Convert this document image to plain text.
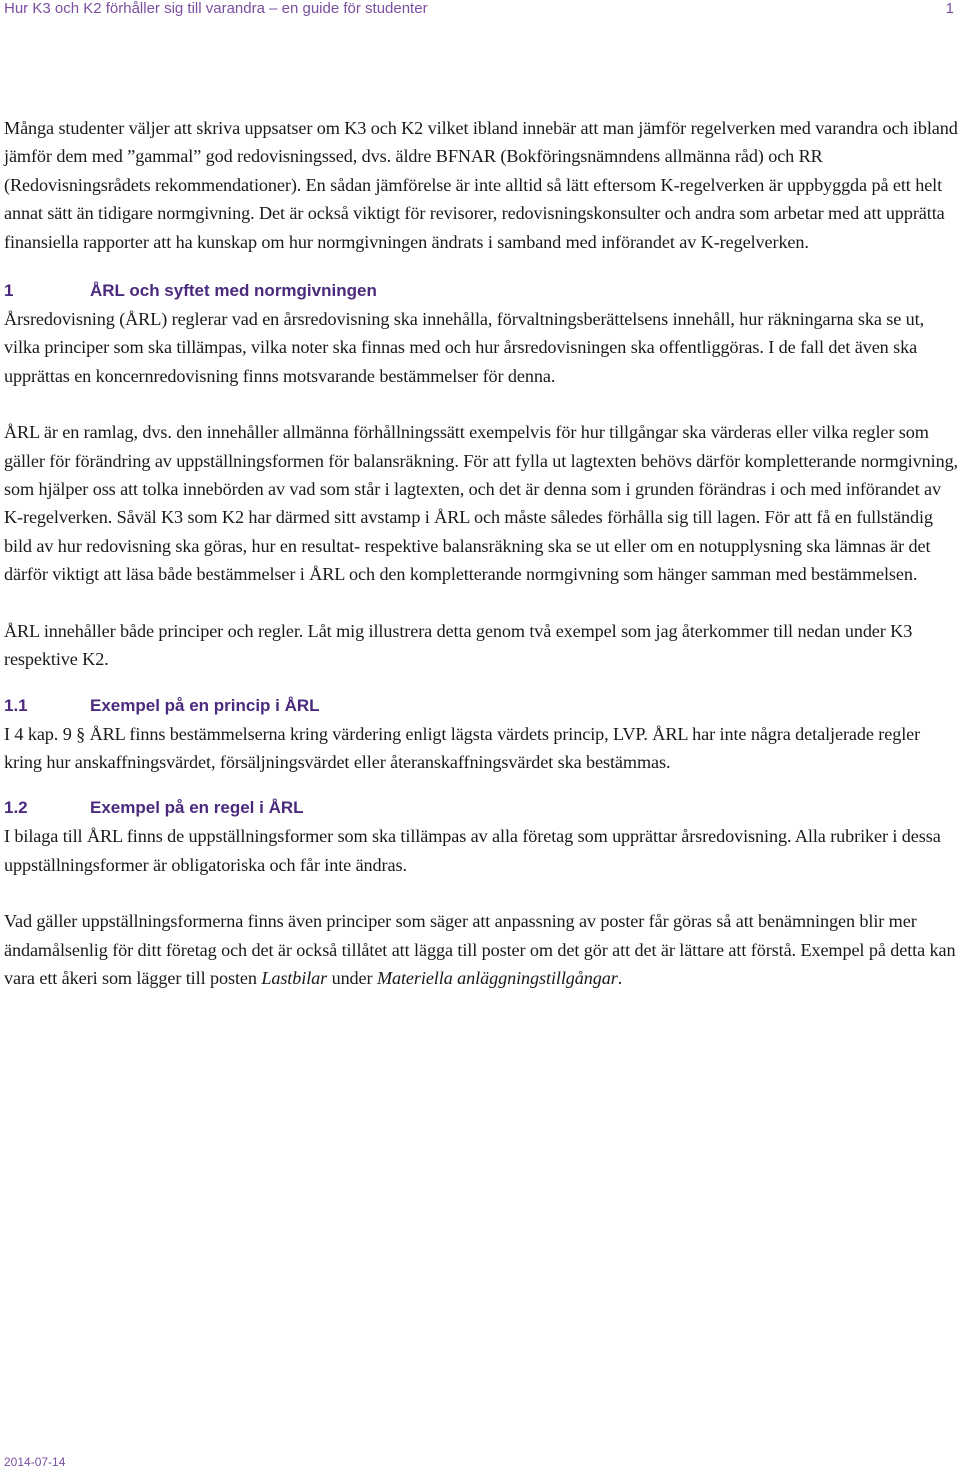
Hur K3 och K2 förhåller sig till varandra – en guide för studenter	1

Många studenter väljer att skriva uppsatser om K3 och K2 vilket ibland innebär att man jämför regelverken med varandra och ibland jämför dem med ”gammal” god redovisningssed, dvs. äldre BFNAR (Bokföringsnämndens allmänna råd) och RR (Redovisningsrådets rekommendationer). En sådan jämförelse är inte alltid så lätt eftersom K-regelverken är uppbyggda på ett helt annat sätt än tidigare normgivning. Det är också viktigt för revisorer, redovisningskonsulter och andra som arbetar med att upprätta finansiella rapporter att ha kunskap om hur normgivningen ändrats i samband med införandet av K-regelverken.

1	ÅRL och syftet med normgivningen

Årsredovisning (ÅRL) reglerar vad en årsredovisning ska innehålla, förvaltningsberättelsens innehåll, hur räkningarna ska se ut, vilka principer som ska tillämpas, vilka noter ska finnas med och hur årsredovisningen ska offentliggöras. I de fall det även ska upprättas en koncernredovisning finns motsvarande bestämmelser för denna.

ÅRL är en ramlag, dvs. den innehåller allmänna förhållningssätt exempelvis för hur tillgångar ska värderas eller vilka regler som gäller för förändring av uppställningsformen för balansräkning. För att fylla ut lagtexten behövs därför kompletterande normgivning, som hjälper oss att tolka innebörden av vad som står i lagtexten, och det är denna som i grunden förändras i och med införandet av K-regelverken. Såväl K3 som K2 har därmed sitt avstamp i ÅRL och måste således förhålla sig till lagen. För att få en fullständig bild av hur redovisning ska göras, hur en resultat- respektive balansräkning ska se ut eller om en notupplysning ska lämnas är det därför viktigt att läsa både bestämmelser i ÅRL och den kompletterande normgivning som hänger samman med bestämmelsen.

ÅRL innehåller både principer och regler. Låt mig illustrera detta genom två exempel som jag återkommer till nedan under K3 respektive K2.

1.1	Exempel på en princip i ÅRL

I 4 kap. 9 § ÅRL finns bestämmelserna kring värdering enligt lägsta värdets princip, LVP. ÅRL har inte några detaljerade regler kring hur anskaffningsvärdet, försäljningsvärdet eller återanskaffningsvärdet ska bestämmas.

1.2	Exempel på en regel i ÅRL

I bilaga till ÅRL finns de uppställningsformer som ska tillämpas av alla företag som upprättar årsredovisning. Alla rubriker i dessa uppställningsformer är obligatoriska och får inte ändras.

Vad gäller uppställningsformerna finns även principer som säger att anpassning av poster får göras så att benämningen blir mer ändamålsenlig för ditt företag och det är också tillåtet att lägga till poster om det gör att det är lättare att förstå. Exempel på detta kan vara ett åkeri som lägger till posten Lastbilar under Materiella anläggningstillgångar.

2014-07-14
